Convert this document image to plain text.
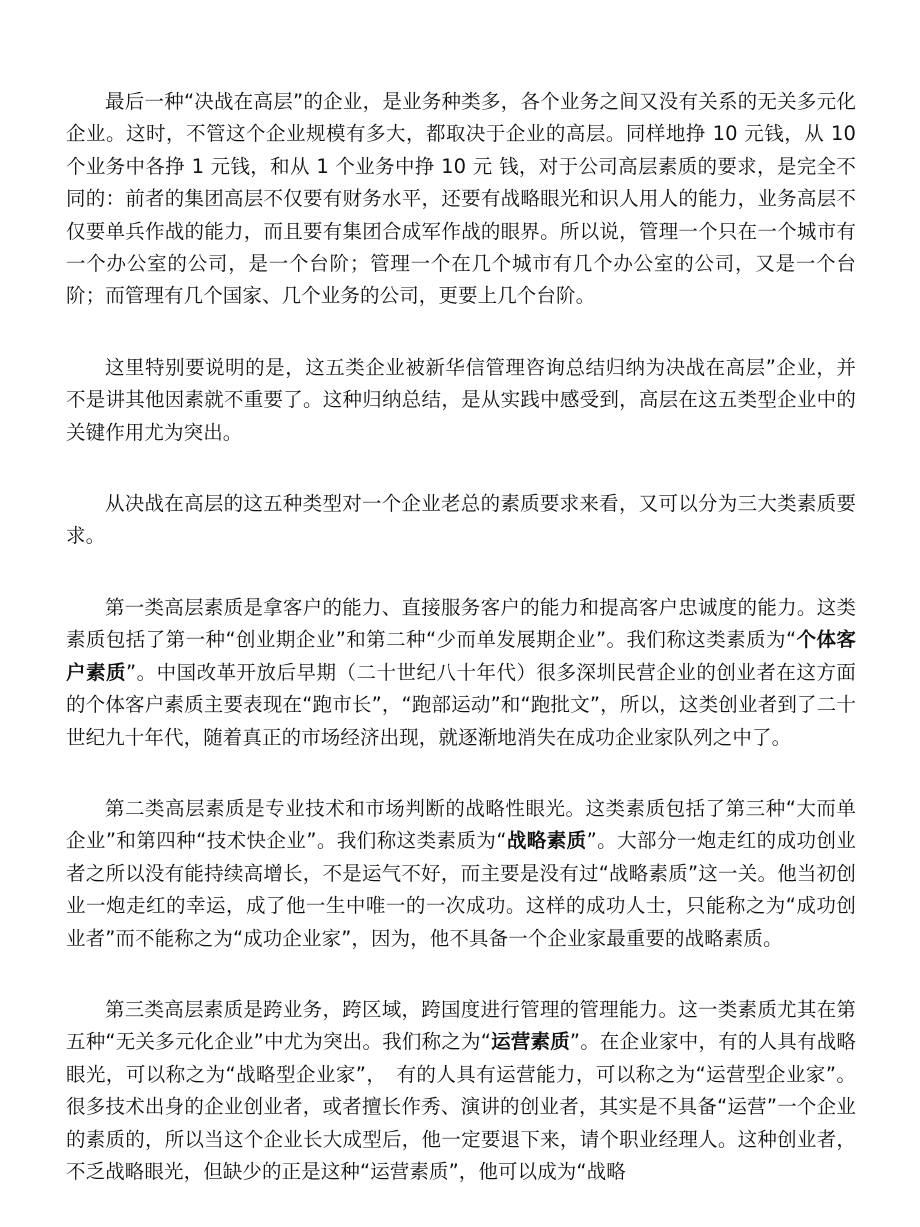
最后一种“决战在高层”的企业，是业务种类多，各个业务之间又没有关系的无关多元化企业。这时，不管这个企业规模有多大，都取决于企业的高层。同样地挣 10 元钱，从 10 个业务中各挣 1 元钱，和从 1 个业务中挣 10 元 钱，对于公司高层素质的要求，是完全不同的：前者的集团高层不仅要有财务水平，还要有战略眼光和识人用人的能力，业务高层不仅要单兵作战的能力，而且要有集团合成军作战的眼界。所以说，管理一个只在一个城市有一个办公室的公司，是一个台阶；管理一个在几个城市有几个办公室的公司，又是一个台阶；而管理有几个国家、几个业务的公司，更要上几个台阶。

这里特别要说明的是，这五类企业被新华信管理咨询总结归纳为决战在高层”企业，并不是讲其他因素就不重要了。这种归纳总结，是从实践中感受到，高层在这五类型企业中的关键作用尤为突出。

从决战在高层的这五种类型对一个企业老总的素质要求来看，又可以分为三大类素质要求。

第一类高层素质是拿客户的能力、直接服务客户的能力和提高客户忠诚度的能力。这类素质包括了第一种“创业期企业”和第二种“少而单发展期企业”。我们称这类素质为“个体客户素质”。中国改革开放后早期（二十世纪八十年代）很多深圳民营企业的创业者在这方面的个体客户素质主要表现在“跑市长”，“跑部运动”和“跑批文”，所以，这类创业者到了二十世纪九十年代，随着真正的市场经济出现，就逐渐地消失在成功企业家队列之中了。

第二类高层素质是专业技术和市场判断的战略性眼光。这类素质包括了第三种“大而单企业”和第四种“技术快企业”。我们称这类素质为“战略素质”。大部分一炮走红的成功创业者之所以没有能持续高增长，不是运气不好，而主要是没有过“战略素质”这一关。他当初创业一炮走红的幸运，成了他一生中唯一的一次成功。这样的成功人士，只能称之为“成功创业者”而不能称之为“成功企业家”，因为，他不具备一个企业家最重要的战略素质。

第三类高层素质是跨业务，跨区域，跨国度进行管理的管理能力。这一类素质尤其在第五种“无关多元化企业”中尤为突出。我们称之为“运营素质”。在企业家中，有的人具有战略眼光，可以称之为“战略型企业家”，　有的人具有运营能力，可以称之为“运营型企业家”。很多技术出身的企业创业者，或者擅长作秀、演讲的创业者，其实是不具备“运营”一个企业的素质的，所以当这个企业长大成型后，他一定要退下来，请个职业经理人。这种创业者，不乏战略眼光，但缺少的正是这种“运营素质”，他可以成为“战略
